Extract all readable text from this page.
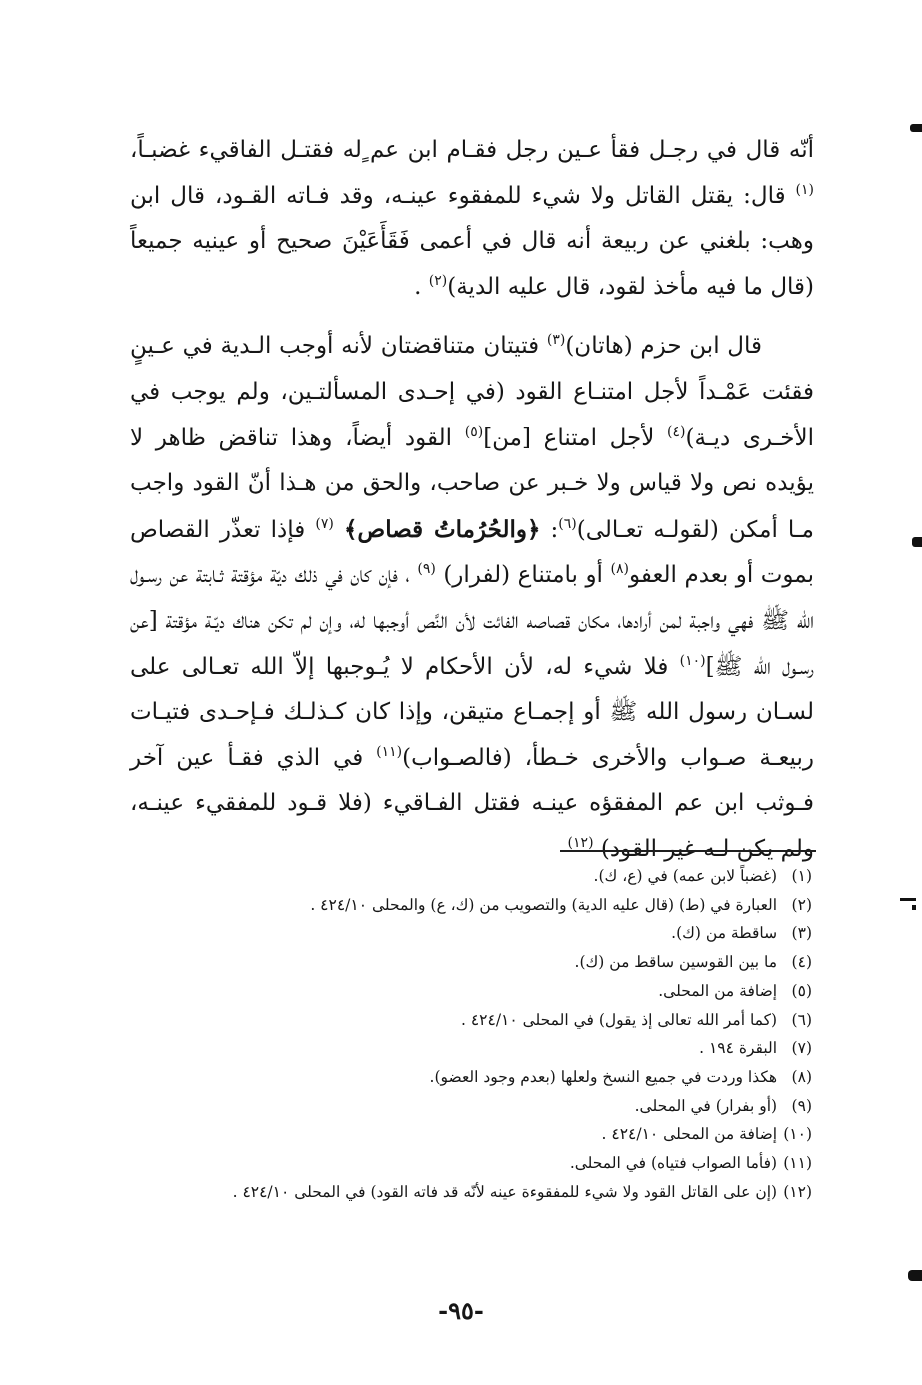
أنّه قال في رجـل فقأ عـين رجل فقـام ابن عم ٍله فقتـل الفاقيء غضبـاً، $^{(١)}$ قال: يقتل القاتل ولا شيء للمفقوء عينـه، وقد فـاته القـود، قال ابن وهب: بلغني عن ربيعة أنه قال في أعمى فَقَأَعَيْنَ صحيح أو عينيه جميعاً (قال ما فيه مأخذ لقود، قال عليه الدية)$^{(٢)}$ .

قال ابن حزم (هاتان)$^{(٣)}$ فتيتان متناقضتان لأنه أوجب الـدية في عـينٍ فقئت عَمْـداً لأجل امتنـاع القود (في إحـدى المسألتـين، ولم يوجب في الأخـرى ديـة)$^{(٤)}$ لأجل امتناع [من]$^{(٥)}$ القود أيضاً، وهذا تناقض ظاهر لا يؤيده نص ولا قياس ولا خـبر عن صاحب، والحق من هـذا أنّ القود واجب مـا أمكن (لقولـه تعـالى)$^{(٦)}$: ﴿والحُرُماتُ قصاص﴾ $^{(٧)}$ فإذا تعذّر القصاص بموت أو بعدم العفو$^{(٨)}$ أو بامتناع (لفرار) $^{(٩)}$ ، فإن كان في ذلك ديّة مؤقتة ثـابتة عن رسـول الله ﷺ فهي واجبة لمن أرادها، مكان قصاصه الفائت لأن النَّص أوجبها له، وإن لم تكن هناك ديّـة مؤقتة [عن رسـول الله ﷺ]$^{(١٠)}$ فلا شيء له، لأن الأحكام لا يُـوجبها إلاّ الله تعـالى على لسـان رسول الله ﷺ أو إجمـاع متيقن، وإذا كان كـذلـك فـإحـدى فتيـات ربيعـة صـواب والأخرى خـطأ، (فالصـواب)$^{(١١)}$ في الذي فقـأ عين آخر فـوثب ابن عم المفقؤه عينـه فقتل الفـاقيء (فلا قـود للمفقيء عينـه، ولم يكن لـه غير القود) $^{(١٢)}$

(١) (غضباً لابن عمه) في (ع، ك).
(٢) العبارة في (ط) (قال عليه الدية) والتصويب من (ك، ع) والمحلى ٤٢٤/١٠ .
(٣) ساقطة من (ك).
(٤) ما بين القوسين ساقط من (ك).
(٥) إضافة من المحلى.
(٦) (كما أمر الله تعالى إذ يقول) في المحلى ٤٢٤/١٠ .
(٧) البقرة ١٩٤ .
(٨) هكذا وردت في جميع النسخ ولعلها (بعدم وجود العضو).
(٩) (أو بفرار) في المحلى.
(١٠) إضافة من المحلى ٤٢٤/١٠ .
(١١) (فأما الصواب فتياه) في المحلى.
(١٢) (إن على القاتل القود ولا شيء للمفقوءة عينه لأنّه قد فاته القود) في المحلى ٤٢٤/١٠ .
-٩٥-
